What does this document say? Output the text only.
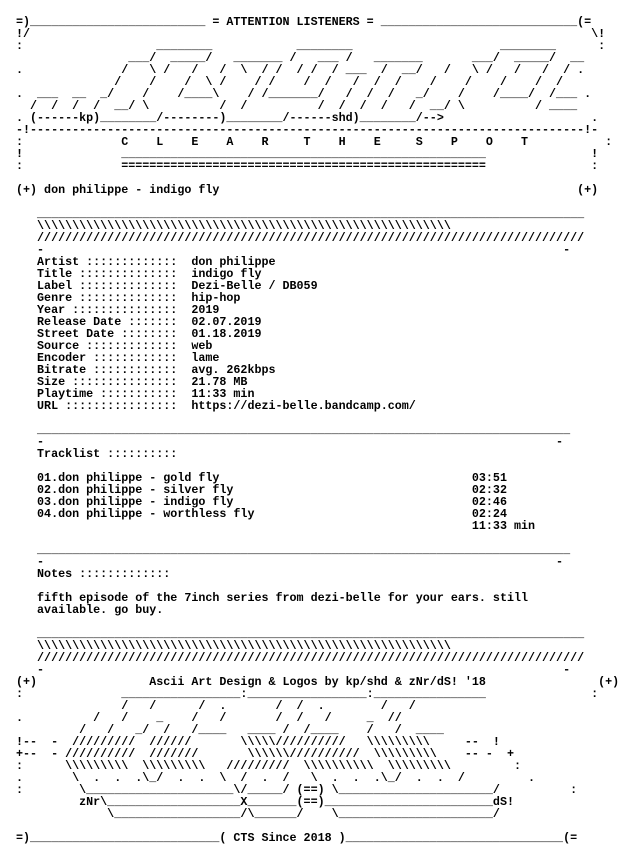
=)_________________________ = ATTENTION LISTENERS = ____________________________(=
!/                                                                                \!
:                   ________            ________                     ________      :
___/  _____/   _______ /   ___ /   _______       ___/  _____/  __
.              /   \ /   /   /  \  / /  / /  / ___  /  __/   /   \ /   /   /  / .
/    /    /  \ /    / /    /  /   /  /  /    /    /    /    /  /
.  ___  __  _/    /    /____\    / /_______/   /  /  /   _/    /    /____/  /___ .
/  /  /  /  __/ \          /  /          /  /  /  /   /  __/ \          / ____
. (------kp)________/--------)________/------shd)________/-->                     .
-!-------------------------------------------------------------------------------!-
:              C    L    E    A    R     T    H    E     S    P    O    T           :
!              ____________________________________________________               !
:              ====================================================               :
(+) don philippe - indigo fly                                                   (+)
______________________________________________________________________________
\\\\\\\\\\\\\\\\\\\\\\\\\\\\\\\\\\\\\\\\\\\\\\\\\\\\\\\\\\\
//////////////////////////////////////////////////////////////////////////////
-                                                                          -
Artist :::::::::::::  don philippe
Title ::::::::::::::  indigo fly
Label ::::::::::::::  Dezi-Belle / DB059
Genre ::::::::::::::  hip-hop
Year :::::::::::::::  2019
Release Date :::::::  02.07.2019
Street Date ::::::::  01.18.2019
Source :::::::::::::  web
Encoder ::::::::::::  lame
Bitrate ::::::::::::  avg. 262kbps
Size :::::::::::::::  21.78 MB
Playtime :::::::::::  11:33 min
URL ::::::::::::::::  https://dezi-belle.bandcamp.com/
____________________________________________________________________________
-                                                                         -
Tracklist ::::::::::
01.don philippe - gold fly                                    03:51
02.don philippe - silver fly                                  02:32
03.don philippe - indigo fly                                  02:46
04.don philippe - worthless fly                               02:24
11:33 min
____________________________________________________________________________
-                                                                         -
Notes :::::::::::::
fifth episode of the 7inch series from dezi-belle for your ears. still
available. go buy.
______________________________________________________________________________
\\\\\\\\\\\\\\\\\\\\\\\\\\\\\\\\\\\\\\\\\\\\\\\\\\\\\\\\\\\
//////////////////////////////////////////////////////////////////////////////
-                                                                          -
(+)                Ascii Art Design & Logos by kp/shd & zNr/dS! '18                (+)
:              _________________:_________________:________________               :
/   /      /  .       /  /  .        /   /
.          /   /    _    /   /       /  /   /     _  //
/   /   _/  /   /____   ____ /  /____    /   /  ____
!--  -  /////////  //////       \\\\\//////////   \\\\\\\\\     --  !
+--  - //////////  ///////       \\\\\\//////////  \\\\\\\\\    -- -  +
:      \\\\\\\\\  \\\\\\\\\   /////////  \\\\\\\\\\  \\\\\\\\\         :
.       \  .  .  .\_/  .  .  \  /  .  /   \  .  .  .\_/  .  .  /         .
:        \_____________________\/_____/ (==) \______________________/          :
zNr\___________________X_______(==)________________________dS!
\__________________/\______/    \______________________/

=)___________________________( CTS Since 2018 )_______________________________(=
